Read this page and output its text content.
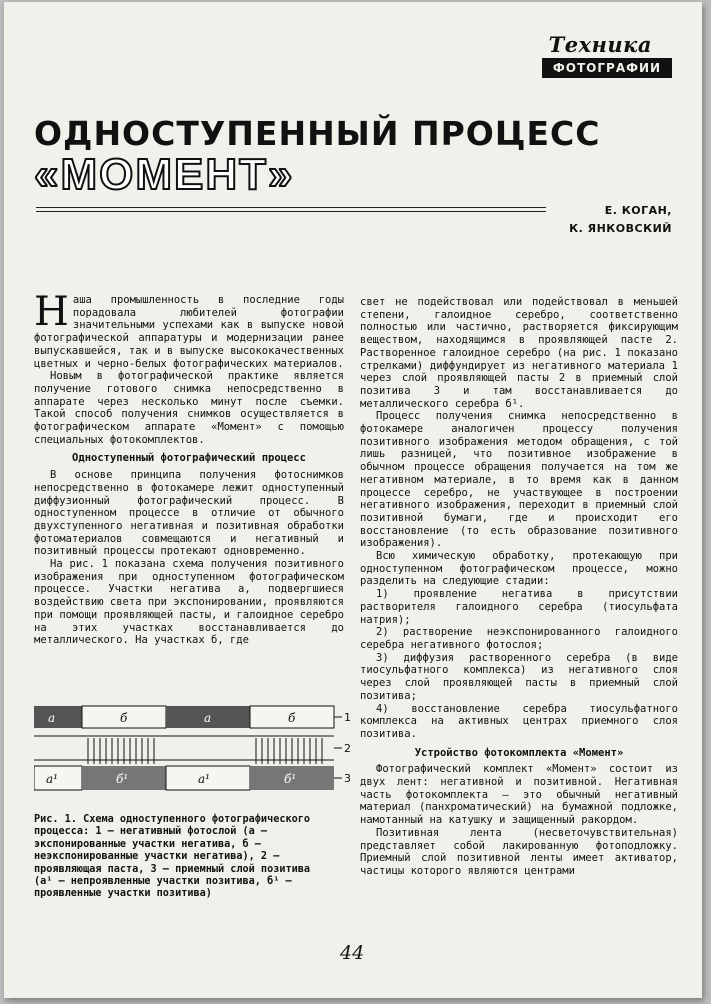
Техника
ФОТОГРАФИИ
ОДНОСТУПЕННЫЙ ПРОЦЕСС
«МОМЕНТ»
Е. КОГАН,
К. ЯНКОВСКИЙ

Наша промышленность в последние годы порадовала любителей фотографии значительными успехами как в выпуске новой фотографической аппаратуры и модернизации ранее выпускавшейся, так и в выпуске высококачественных цветных и черно-белых фотографических материалов.

Новым в фотографической практике является получение готового снимка непосредственно в аппарате через несколько минут после съемки. Такой способ получения снимков осуществляется в фотографическом аппарате «Момент» с помощью специальных фотокомплектов.

Одноступенный фотографический процесс

В основе принципа получения фотоснимков непосредственно в фотокамере лежит одноступенный диффузионный фотографический процесс. В одноступенном процессе в отличие от обычного двухступенного негативная и позитивная обработки фотоматериалов совмещаются и негативный и позитивный процессы протекают одновременно.

На рис. 1 показана схема получения позитивного изображения при одноступенном фотографическом процессе. Участки негатива а, подвергшиеся воздействию света при экспонировании, проявляются при помощи проявляющей пасты, и галоидное серебро на этих участках восстанавливается до металлического. На участках б, где

а	б	а	б
а¹	б¹	а¹	б¹
1
2
3
Рис. 1. Схема одноступенного фотографического процесса: 1 — негативный фотослой (а — экспонированные участки негатива, б — неэкспонированные участки негатива), 2 — проявляющая паста, 3 — приемный слой позитива (а¹ — непроявленные участки позитива, б¹ — проявленные участки позитива)

свет не подействовал или подействовал в меньшей степени, галоидное серебро, соответственно полностью или частично, растворяется фиксирующим веществом, находящимся в проявляющей пасте 2. Растворенное галоидное серебро (на рис. 1 показано стрелками) диффундирует из негативного материала 1 через слой проявляющей пасты 2 в приемный слой позитива 3 и там восстанавливается до металлического серебра б¹.

Процесс получения снимка непосредственно в фотокамере аналогичен процессу получения позитивного изображения методом обращения, с той лишь разницей, что позитивное изображение в обычном процессе обращения получается на том же негативном материале, в то время как в данном процессе серебро, не участвующее в построении негативного изображения, переходит в приемный слой позитивной бумаги, где и происходит его восстановление (то есть образование позитивного изображения).

Всю химическую обработку, протекающую при одноступенном фотографическом процессе, можно разделить на следующие стадии:

1) проявление негатива в присутствии растворителя галоидного серебра (тиосульфата натрия);

2) растворение неэкспонированного галоидного серебра негативного фотослоя;

3) диффузия растворенного серебра (в виде тиосульфатного комплекса) из негативного слоя через слой проявляющей пасты в приемный слой позитива;

4) восстановление серебра тиосульфатного комплекса на активных центрах приемного слоя позитива.

Устройство фотокомплекта «Момент»

Фотографический комплект «Момент» состоит из двух лент: негативной и позитивной. Негативная часть фотокомплекта — это обычный негативный материал (панхроматический) на бумажной подложке, намотанный на катушку и защищенный ракордом.

Позитивная лента (несветочувствительная) представляет собой лакированную фотоподложку. Приемный слой позитивной ленты имеет активатор, частицы которого являются центрами

44
